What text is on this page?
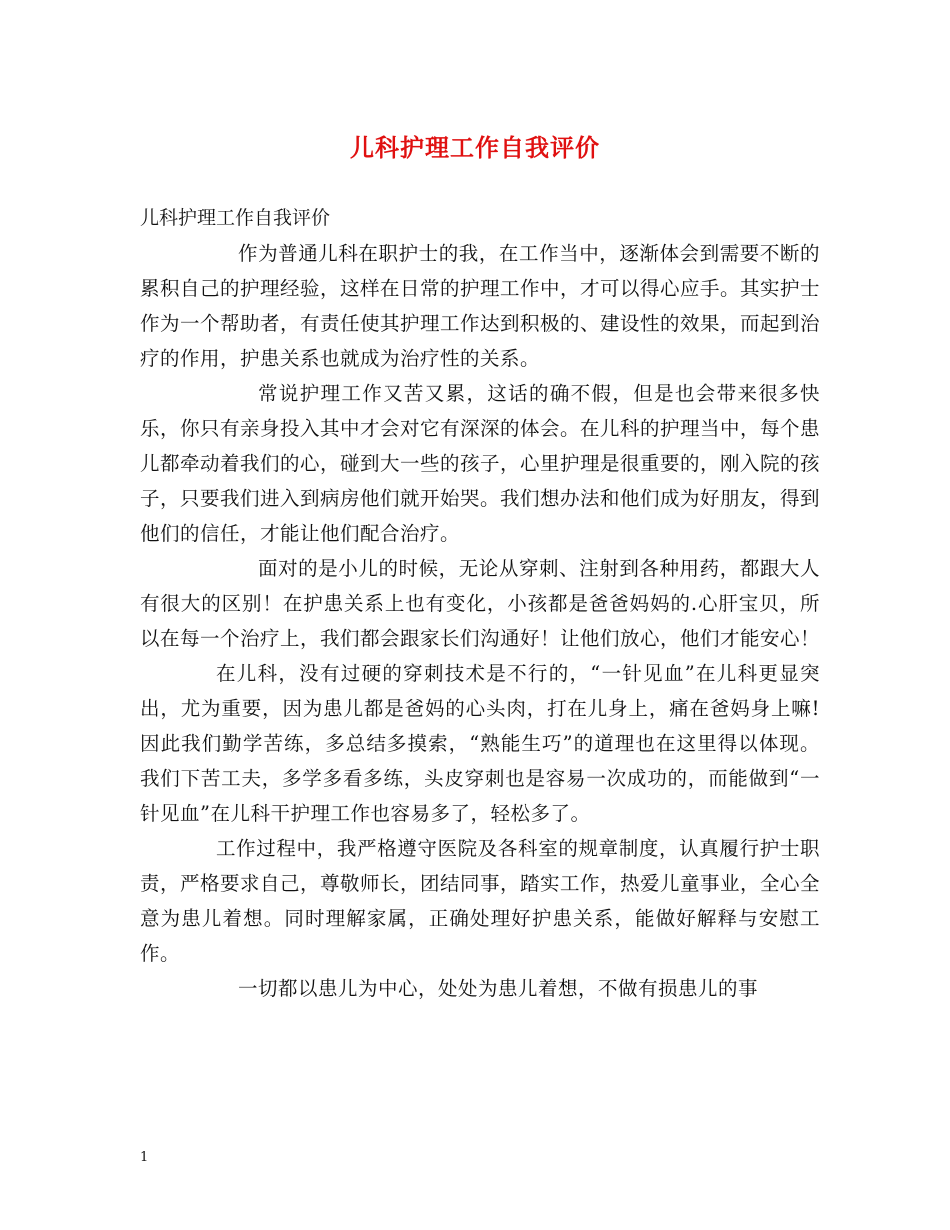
儿科护理工作自我评价
儿科护理工作自我评价

作为普通儿科在职护士的我，在工作当中，逐渐体会到需要不断的累积自己的护理经验，这样在日常的护理工作中，才可以得心应手。其实护士作为一个帮助者，有责任使其护理工作达到积极的、建设性的效果，而起到治疗的作用，护患关系也就成为治疗性的关系。

常说护理工作又苦又累，这话的确不假，但是也会带来很多快乐，你只有亲身投入其中才会对它有深深的体会。在儿科的护理当中，每个患儿都牵动着我们的心，碰到大一些的孩子，心里护理是很重要的，刚入院的孩子，只要我们进入到病房他们就开始哭。我们想办法和他们成为好朋友，得到他们的信任，才能让他们配合治疗。

面对的是小儿的时候，无论从穿刺、注射到各种用药，都跟大人有很大的区别！在护患关系上也有变化，小孩都是爸爸妈妈的.心肝宝贝，所以在每一个治疗上，我们都会跟家长们沟通好！让他们放心，他们才能安心！

在儿科，没有过硬的穿刺技术是不行的，“一针见血”在儿科更显突出，尤为重要，因为患儿都是爸妈的心头肉，打在儿身上，痛在爸妈身上嘛!因此我们勤学苦练，多总结多摸索，“熟能生巧”的道理也在这里得以体现。我们下苦工夫，多学多看多练，头皮穿刺也是容易一次成功的，而能做到“一针见血”在儿科干护理工作也容易多了，轻松多了。

工作过程中，我严格遵守医院及各科室的规章制度，认真履行护士职责，严格要求自己，尊敬师长，团结同事，踏实工作，热爱儿童事业，全心全意为患儿着想。同时理解家属，正确处理好护患关系，能做好解释与安慰工作。

一切都以患儿为中心，处处为患儿着想，不做有损患儿的事

1
